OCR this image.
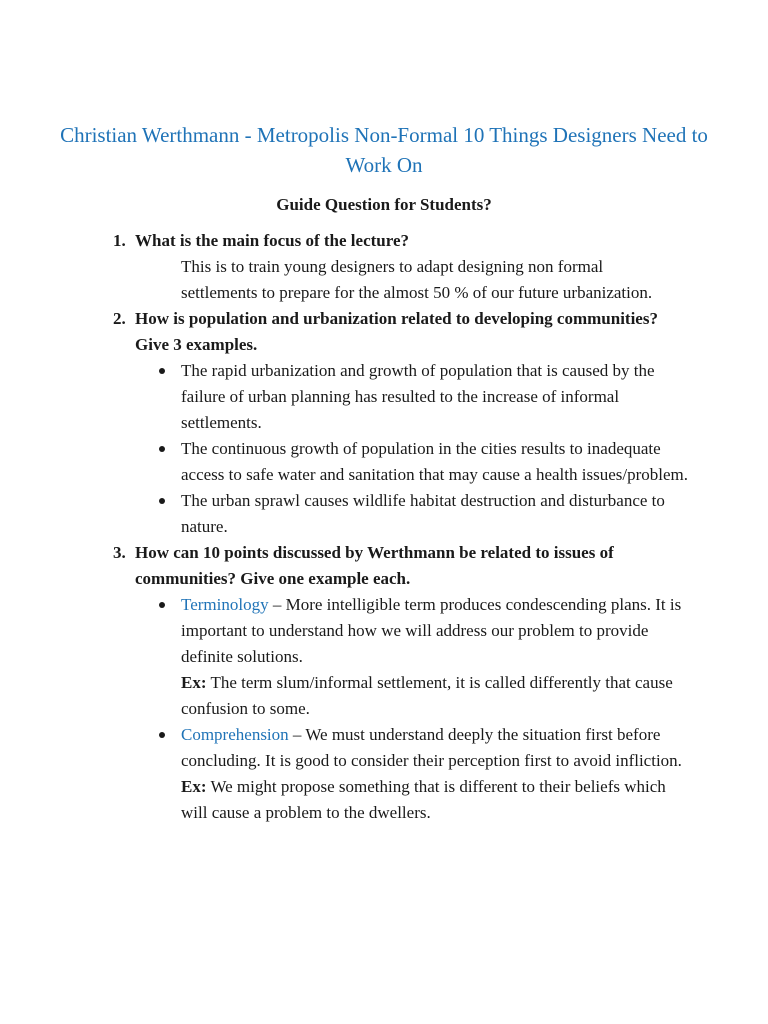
Christian Werthmann - Metropolis Non-Formal 10 Things Designers Need to Work On
Guide Question for Students?
1. What is the main focus of the lecture?
This is to train young designers to adapt designing non formal settlements to prepare for the almost 50 % of our future urbanization.
2. How is population and urbanization related to developing communities? Give 3 examples.
The rapid urbanization and growth of population that is caused by the failure of urban planning has resulted to the increase of informal settlements.
The continuous growth of population in the cities results to inadequate access to safe water and sanitation that may cause a health issues/problem.
The urban sprawl causes wildlife habitat destruction and disturbance to nature.
3. How can 10 points discussed by Werthmann be related to issues of communities? Give one example each.
Terminology – More intelligible term produces condescending plans. It is important to understand how we will address our problem to provide definite solutions.
Ex: The term slum/informal settlement, it is called differently that cause confusion to some.
Comprehension – We must understand deeply the situation first before concluding. It is good to consider their perception first to avoid infliction.
Ex: We might propose something that is different to their beliefs which will cause a problem to the dwellers.
